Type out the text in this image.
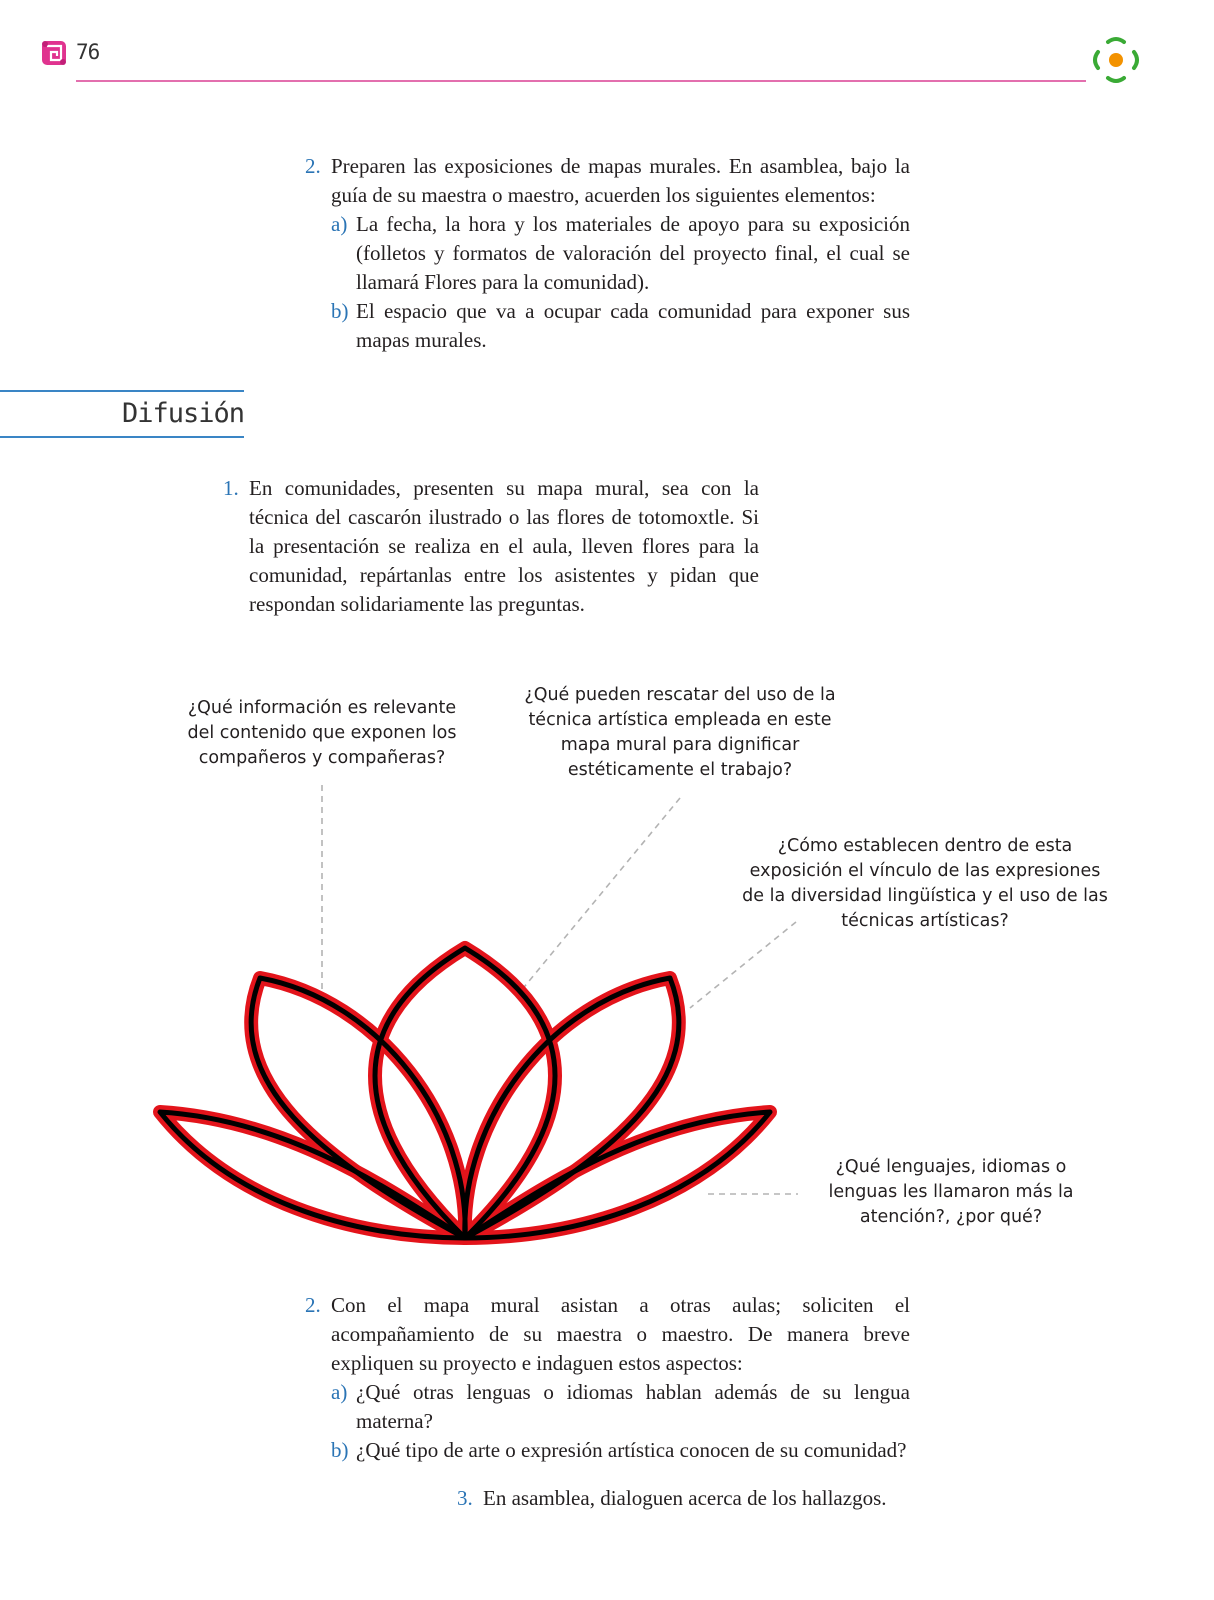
76
2. Preparen las exposiciones de mapas murales. En asamblea, bajo la guía de su maestra o maestro, acuerden los siguientes elementos:
a) La fecha, la hora y los materiales de apoyo para su exposición (folletos y formatos de valoración del proyecto final, el cual se llamará Flores para la comunidad).
b) El espacio que va a ocupar cada comunidad para exponer sus mapas murales.
Difusión
1. En comunidades, presenten su mapa mural, sea con la técnica del cascarón ilustrado o las flores de totomoxtle. Si la presentación se realiza en el aula, lleven flores para la comunidad, repártanlas entre los asistentes y pidan que respondan solidariamente las preguntas.
¿Qué información es relevante del contenido que exponen los compañeros y compañeras?
¿Qué pueden rescatar del uso de la técnica artística empleada en este mapa mural para dignificar estéticamente el trabajo?
¿Cómo establecen dentro de esta exposición el vínculo de las expresiones de la diversidad lingüística y el uso de las técnicas artísticas?
¿Qué lenguajes, idiomas o lenguas les llamaron más la atención?, ¿por qué?
2. Con el mapa mural asistan a otras aulas; soliciten el acompañamiento de su maestra o maestro. De manera breve expliquen su proyecto e indaguen estos aspectos:
a) ¿Qué otras lenguas o idiomas hablan además de su lengua materna?
b) ¿Qué tipo de arte o expresión artística conocen de su comunidad?
3. En asamblea, dialoguen acerca de los hallazgos.
